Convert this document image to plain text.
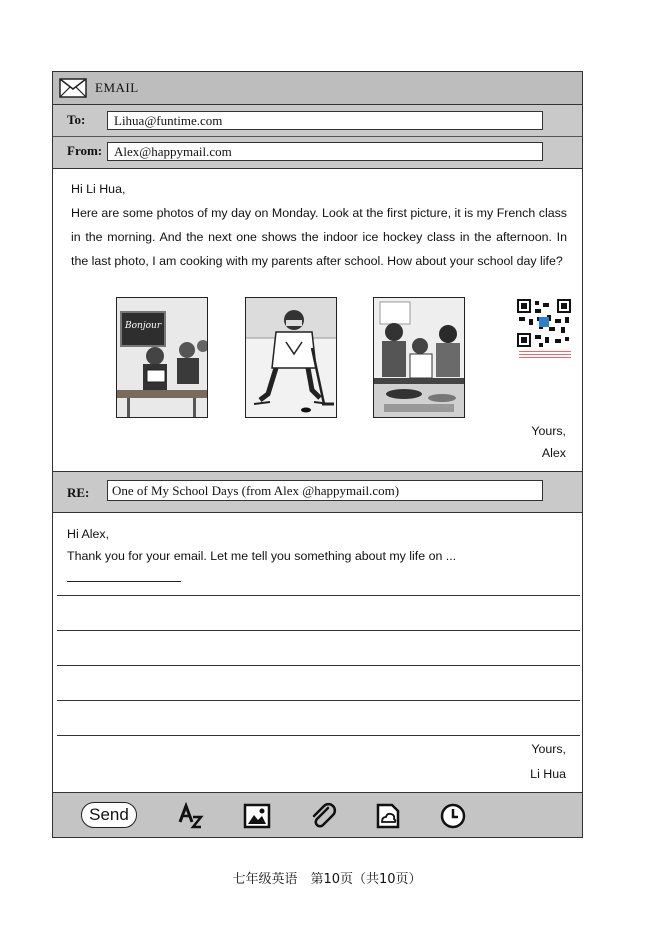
EMAIL
To:	Lihua@funtime.com
From: Alex@happymail.com

Hi Li Hua,

Here are some photos of my day on Monday. Look at the first picture, it is my French class in the morning. And the next one shows the indoor ice hockey class in the afternoon. In the last photo, I am cooking with my parents after school. How about your school day life?

Bonjour
Yours,
Alex
RE:	One of My School Days (from Alex @happymail.com)

Hi Alex,

Thank you for your email. Let me tell you something about my life on ...

Yours,
Li Hua
Send
七年级英语　第10页（共10页）
